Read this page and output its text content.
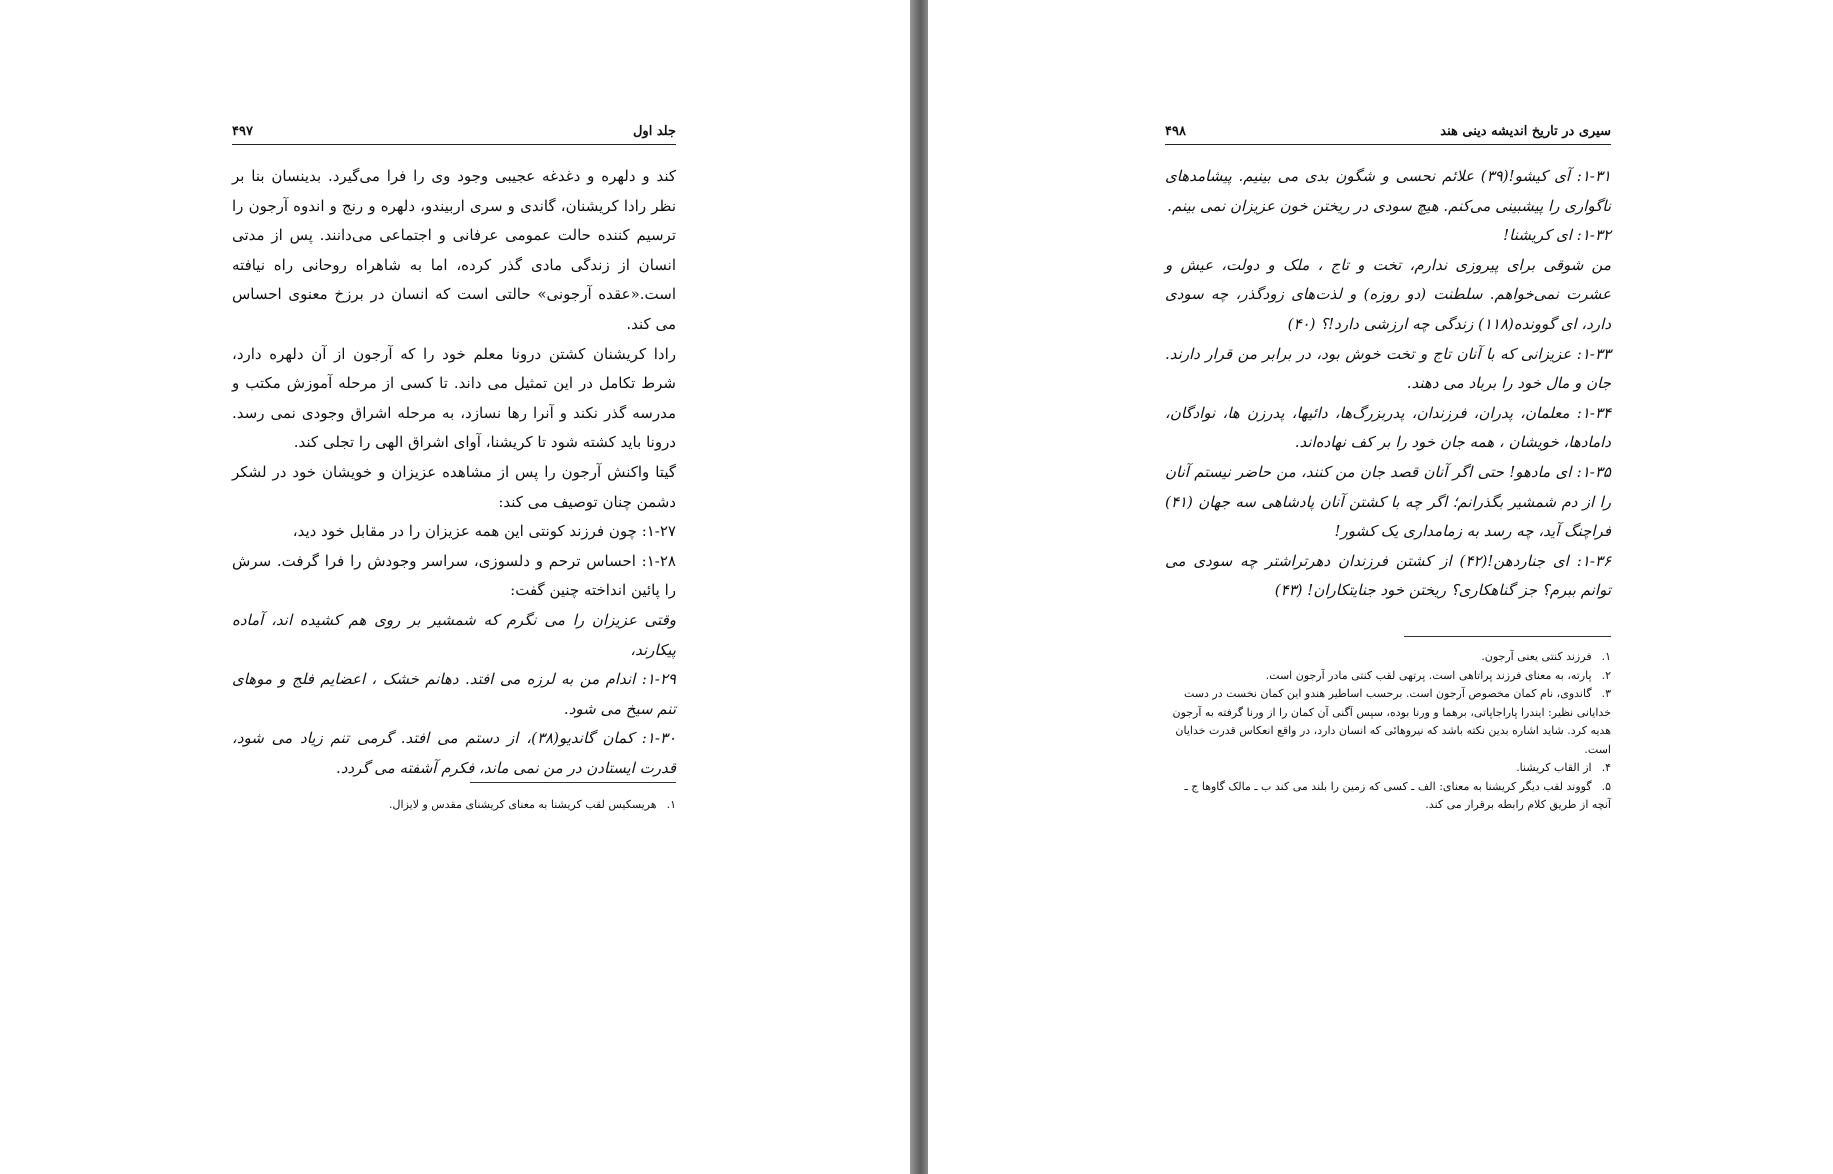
جلد اول
۴۹۷

کند و دلهره و دغدغه عجیبی وجود وی را فرا می‌گیرد. بدینسان بنا بر نظر رادا کریشنان، گاندی و سری اربیندو، دلهره و رنج و اندوه آرجون را ترسیم کننده حالت عمومی عرفانی و اجتماعی می‌دانند. پس از مدتی انسان از زندگی مادی گذر کرده، اما به شاهراه روحانی راه نیافته است.«عقده آرجونی» حالتی است که انسان در برزخ معنوی احساس می کند.

رادا کریشنان کشتن درونا معلم خود را که آرجون از آن دلهره دارد، شرط تکامل در این تمثیل می داند. تا کسی از مرحله آموزش مکتب و مدرسه گذر نکند و آنرا رها نسازد، به مرحله اشراق وجودی نمی رسد. درونا باید کشته شود تا کریشنا، آوای اشراق الهی را تجلی کند.

گیتا واکنش آرجون را پس از مشاهده عزیزان و خویشان خود در لشکر دشمن چنان توصیف می کند:

۱-۲۷: چون فرزند کونتی این همه عزیزان را در مقابل خود دید،

۱-۲۸: احساس ترحم و دلسوزی، سراسر وجودش را فرا گرفت. سرش را پائین انداخته چنین گفت:

وقتی عزیزان را می نگرم که شمشیر بر روی هم کشیده اند، آماده پیکارند،

۱-۲۹: اندام من به لرزه می افتد. دهانم خشک ، اعضایم فلج و موهای تنم سیخ می شود.

۱-۳۰: کمان گاندیو(۳۸)، از دستم می افتد. گرمی تنم زیاد می شود، قدرت ایستادن در من نمی ماند، فکرم آشفته می گردد.

۱.هریسکیس لقب کریشنا به معنای کریشنای مقدس و لایزال.

سیری در تاریخ اندیشه دینی هند
۴۹۸

۱-۳۱: آی کیشو!(۳۹) علائم نحسی و شگون بدی می بینیم. پیشامدهای ناگواری را پیشبینی می‌کنم. هیچ سودی در ریختن خون عزیزان نمی بینم.

۱-۳۲: ای کریشنا!

من شوقی برای پیروزی ندارم، تخت و تاج ، ملک و دولت، عیش و عشرت نمی‌خواهم. سلطنت (دو روزه) و لذت‌های زودگذر، چه سودی دارد، ای گوونده(۱۱۸) زندگی چه ارزشی دارد!؟ (۴۰)

۱-۳۳: عزیزانی که با آنان تاج و تخت خوش بود، در برابر من قرار دارند. جان و مال خود را برباد می دهند.

۱-۳۴: معلمان، پدران، فرزندان، پدربزرگ‌ها، دائیها، پدرزن ها، نوادگان، دامادها، خویشان ، همه جان خود را بر کف نهاده‌اند.

۱-۳۵: ای مادهو! حتی اگر آنان قصد جان من کنند، من حاضر نیستم آنان را از دم شمشیر بگذرانم؛ اگر چه با کشتن آنان پادشاهی سه جهان (۴۱) فراچنگ آید، چه رسد به زمامداری یک کشور!

۱-۳۶: ای جناردهن!(۴۲) از کشتن فرزندان دهرتراشتر چه سودی می توانم ببرم؟ جز گناهکاری؟ ریختن خود جنایتکاران! (۴۳)

۱.فرزند کنتی یعنی آرجون.

۲.پارته، به معنای فرزند پراتاهی است. پرتهی لقب کنتی مادر آرجون است.

۳.گاندوی، نام کمان مخصوص آرجون است. برحسب اساطیر هندو این کمان نخست در دست خدایانی نظیر: ایندرا پاراجاپاتی، برهما و ورنا بوده، سپس آگنی آن کمان را از ورنا گرفته به آرجون هدیه کرد. شاید اشاره بدین نکته باشد که نیروهائی که انسان دارد، در واقع انعکاس قدرت خدایان است.

۴.از القاب کریشنا.

۵.گووند لقب دیگر کریشنا به معنای: الف ـ کسی که زمین را بلند می کند ب ـ مالک گاوها ج ـ آنچه از طریق کلام رابطه برقرار می کند.
